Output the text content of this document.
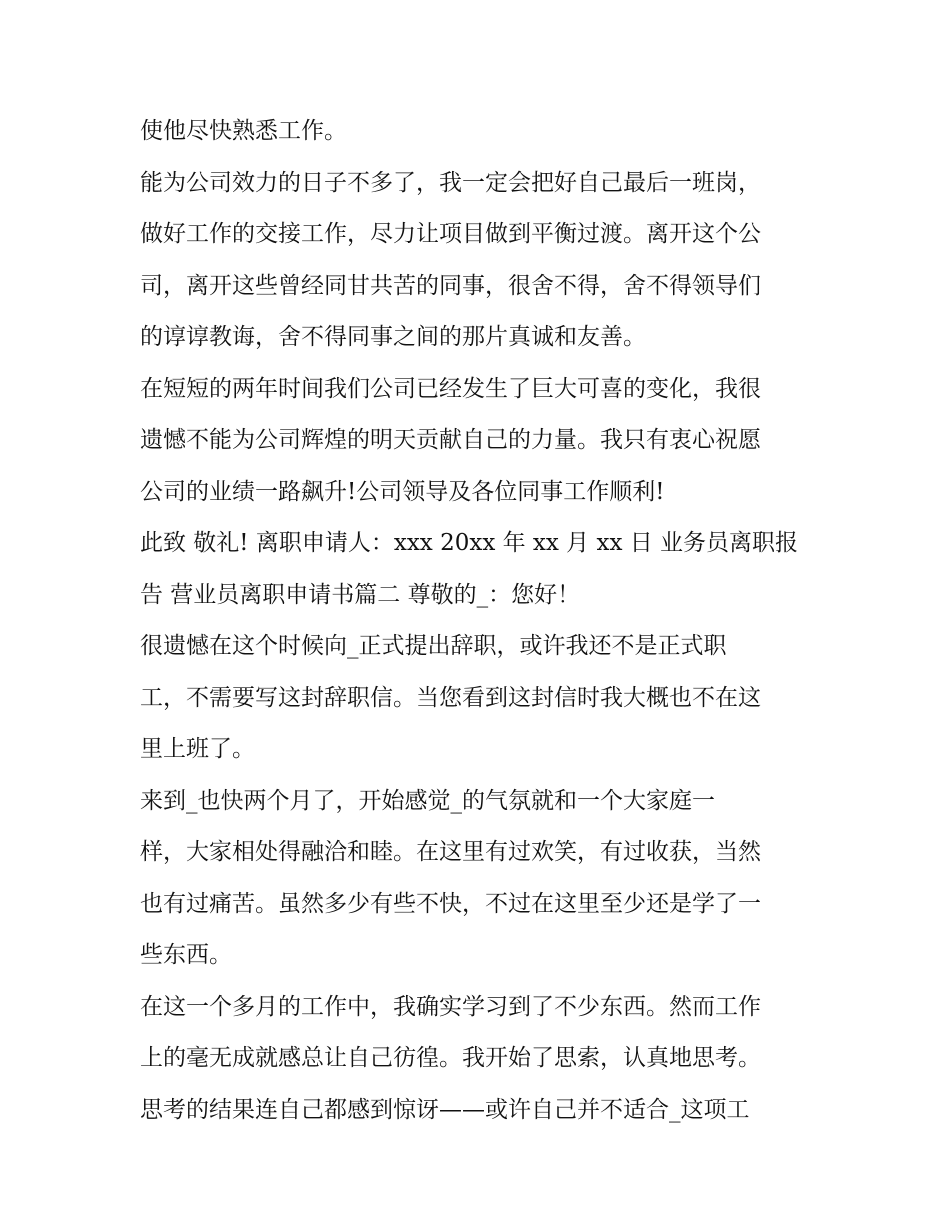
使他尽快熟悉工作。
能为公司效力的日子不多了，我一定会把好自己最后一班岗，
做好工作的交接工作，尽力让项目做到平衡过渡。离开这个公
司，离开这些曾经同甘共苦的同事，很舍不得，舍不得领导们
的谆谆教诲，舍不得同事之间的那片真诚和友善。
在短短的两年时间我们公司已经发生了巨大可喜的变化，我很
遗憾不能为公司辉煌的明天贡献自己的力量。我只有衷心祝愿
公司的业绩一路飙升!公司领导及各位同事工作顺利!
此致 敬礼! 离职申请人：xxx 20xx 年 xx 月 xx 日 业务员离职报
告 营业员离职申请书篇二 尊敬的_：您好！
很遗憾在这个时候向_正式提出辞职，或许我还不是正式职
工，不需要写这封辞职信。当您看到这封信时我大概也不在这
里上班了。
来到_也快两个月了，开始感觉_的气氛就和一个大家庭一
样，大家相处得融洽和睦。在这里有过欢笑，有过收获，当然
也有过痛苦。虽然多少有些不快，不过在这里至少还是学了一
些东西。
在这一个多月的工作中，我确实学习到了不少东西。然而工作
上的毫无成就感总让自己彷徨。我开始了思索，认真地思考。
思考的结果连自己都感到惊讶——或许自己并不适合_这项工
